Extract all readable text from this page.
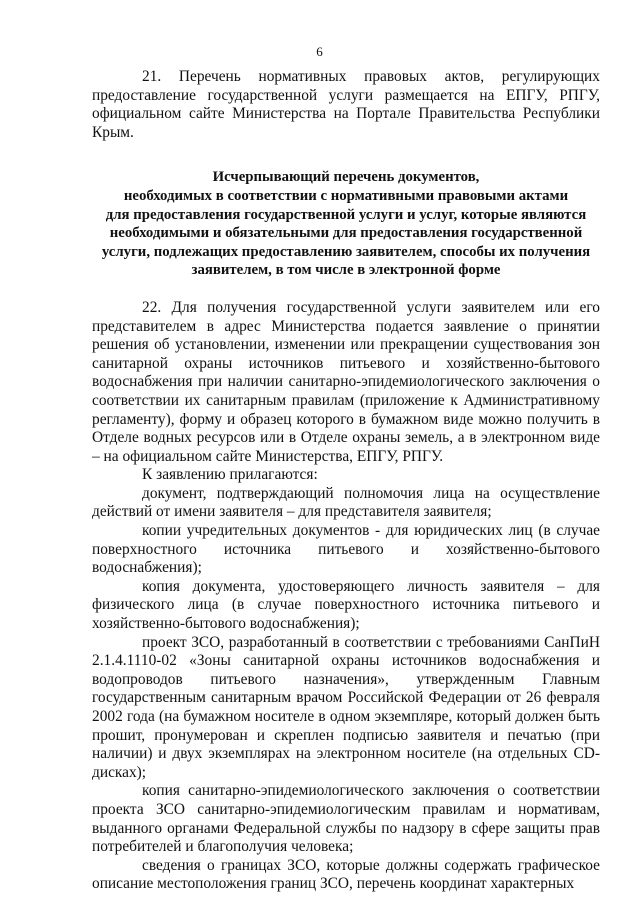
6

21. Перечень нормативных правовых актов, регулирующих предоставление государственной услуги размещается на ЕПГУ, РПГУ, официальном сайте Министерства на Портале Правительства Республики Крым.

Исчерпывающий перечень документов,
необходимых в соответствии с нормативными правовыми актами
для предоставления государственной услуги и услуг, которые являются
необходимыми и обязательными для предоставления государственной
услуги, подлежащих предоставлению заявителем, способы их получения
заявителем, в том числе в электронной форме

22. Для получения государственной услуги заявителем или его представителем в адрес Министерства подается заявление о принятии решения об установлении, изменении или прекращении существования зон санитарной охраны источников питьевого и хозяйственно-бытового водоснабжения при наличии санитарно-эпидемиологического заключения о соответствии их санитарным правилам (приложение к Административному регламенту), форму и образец которого в бумажном виде можно получить в Отделе водных ресурсов или в Отделе охраны земель, а в электронном виде – на официальном сайте Министерства, ЕПГУ, РПГУ.

К заявлению прилагаются:

документ, подтверждающий полномочия лица на осуществление действий от имени заявителя – для представителя заявителя;

копии учредительных документов - для юридических лиц (в случае поверхностного источника питьевого и хозяйственно-бытового водоснабжения);

копия документа, удостоверяющего личность заявителя – для физического лица (в случае поверхностного источника питьевого и хозяйственно-бытового водоснабжения);

проект ЗСО, разработанный в соответствии с требованиями СанПиН 2.1.4.1110-02 «Зоны санитарной охраны источников водоснабжения и водопроводов питьевого назначения», утвержденным Главным государственным санитарным врачом Российской Федерации от 26 февраля 2002 года (на бумажном носителе в одном экземпляре, который должен быть прошит, пронумерован и скреплен подписью заявителя и печатью (при наличии) и двух экземплярах на электронном носителе (на отдельных CD-дисках);

копия санитарно-эпидемиологического заключения о соответствии проекта ЗСО санитарно-эпидемиологическим правилам и нормативам, выданного органами Федеральной службы по надзору в сфере защиты прав потребителей и благополучия человека;

сведения о границах ЗСО, которые должны содержать графическое описание местоположения границ ЗСО, перечень координат характерных
